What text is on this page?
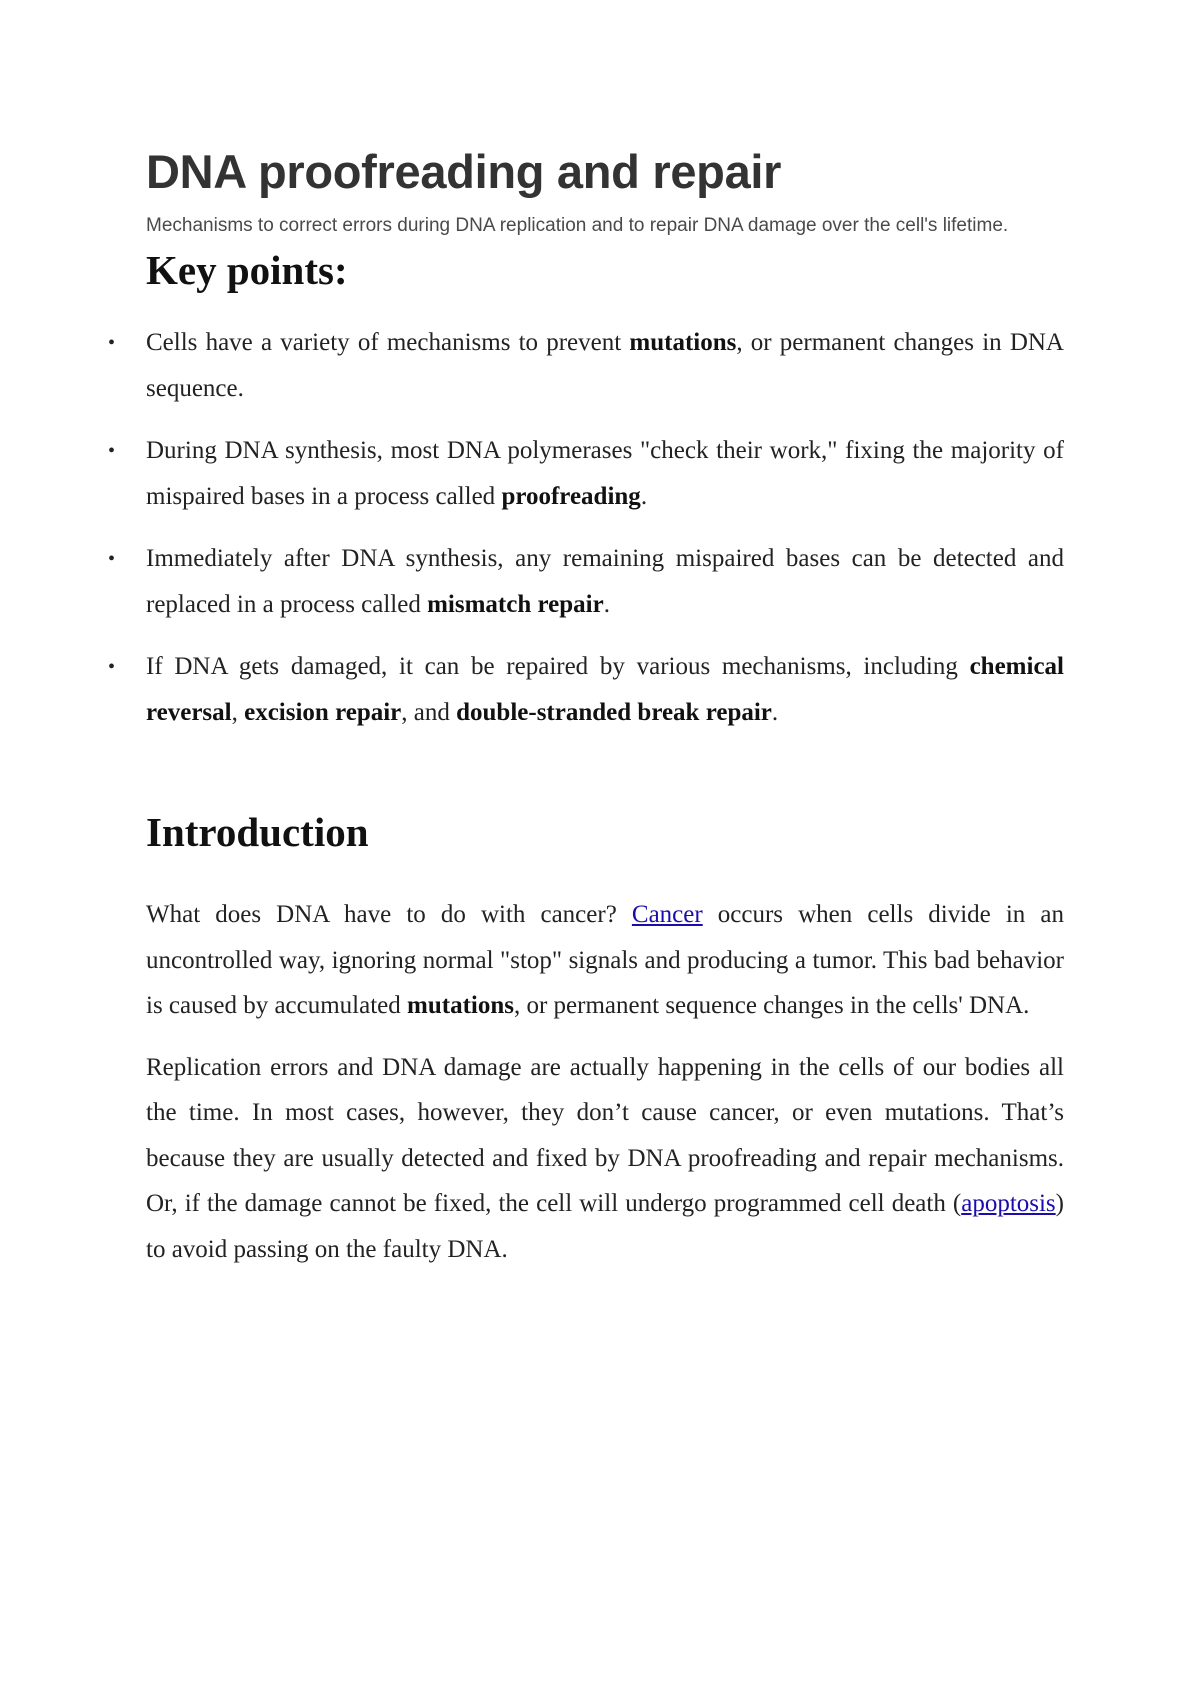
DNA proofreading and repair

Mechanisms to correct errors during DNA replication and to repair DNA damage over the cell's lifetime.

Key points:
• Cells have a variety of mechanisms to prevent mutations, or permanent changes in DNA sequence.
• During DNA synthesis, most DNA polymerases "check their work," fixing the majority of mispaired bases in a process called proofreading.
• Immediately after DNA synthesis, any remaining mispaired bases can be detected and replaced in a process called mismatch repair.
• If DNA gets damaged, it can be repaired by various mechanisms, including chemical reversal, excision repair, and double-stranded break repair.
Introduction

What does DNA have to do with cancer? Cancer occurs when cells divide in an uncontrolled way, ignoring normal "stop" signals and producing a tumor. This bad behavior is caused by accumulated mutations, or permanent sequence changes in the cells' DNA.

Replication errors and DNA damage are actually happening in the cells of our bodies all the time. In most cases, however, they don’t cause cancer, or even mutations. That’s because they are usually detected and fixed by DNA proofreading and repair mechanisms. Or, if the damage cannot be fixed, the cell will undergo programmed cell death (apoptosis) to avoid passing on the faulty DNA.
